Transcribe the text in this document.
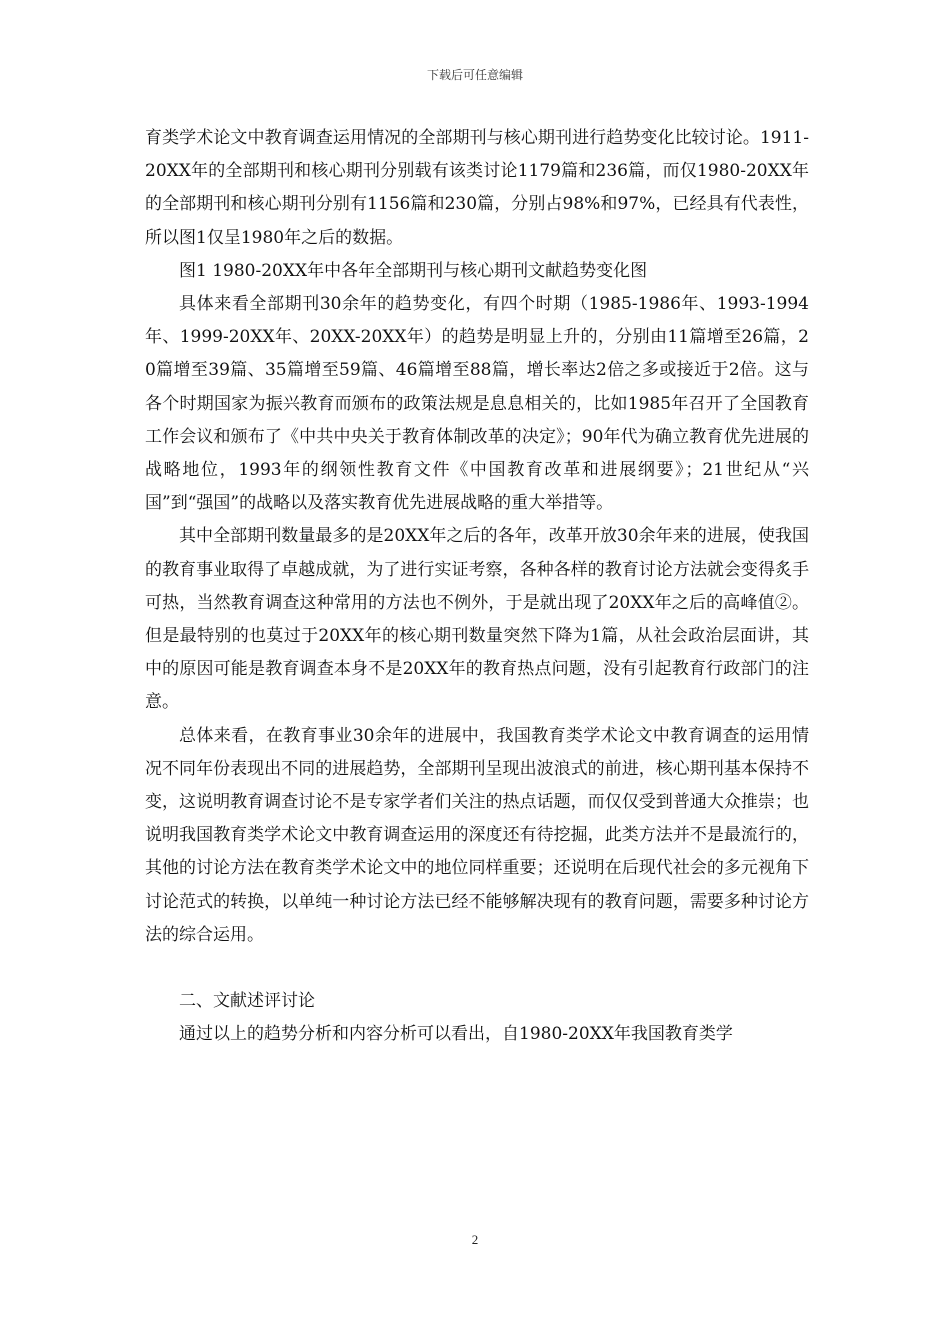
下载后可任意编辑

育类学术论文中教育调查运用情况的全部期刊与核心期刊进行趋势变化比较讨论。1911-20XX年的全部期刊和核心期刊分别载有该类讨论1179篇和236篇，而仅1980-20XX年的全部期刊和核心期刊分别有1156篇和230篇，分别占98%和97%，已经具有代表性，所以图1仅呈1980年之后的数据。

图1 1980-20XX年中各年全部期刊与核心期刊文献趋势变化图

具体来看全部期刊30余年的趋势变化，有四个时期（1985-1986年、1993-1994年、1999-20XX年、20XX-20XX年）的趋势是明显上升的，分别由11篇增至26篇，20篇增至39篇、35篇增至59篇、46篇增至88篇，增长率达2倍之多或接近于2倍。这与各个时期国家为振兴教育而颁布的政策法规是息息相关的，比如1985年召开了全国教育工作会议和颁布了《中共中央关于教育体制改革的决定》；90年代为确立教育优先进展的战略地位，1993年的纲领性教育文件《中国教育改革和进展纲要》；21世纪从“兴国”到“强国”的战略以及落实教育优先进展战略的重大举措等。

其中全部期刊数量最多的是20XX年之后的各年，改革开放30余年来的进展，使我国的教育事业取得了卓越成就，为了进行实证考察，各种各样的教育讨论方法就会变得炙手可热，当然教育调查这种常用的方法也不例外，于是就出现了20XX年之后的高峰值②。但是最特别的也莫过于20XX年的核心期刊数量突然下降为1篇，从社会政治层面讲，其中的原因可能是教育调查本身不是20XX年的教育热点问题，没有引起教育行政部门的注意。

总体来看，在教育事业30余年的进展中，我国教育类学术论文中教育调查的运用情况不同年份表现出不同的进展趋势，全部期刊呈现出波浪式的前进，核心期刊基本保持不变，这说明教育调查讨论不是专家学者们关注的热点话题，而仅仅受到普通大众推崇；也说明我国教育类学术论文中教育调查运用的深度还有待挖掘，此类方法并不是最流行的，其他的讨论方法在教育类学术论文中的地位同样重要；还说明在后现代社会的多元视角下讨论范式的转换，以单纯一种讨论方法已经不能够解决现有的教育问题，需要多种讨论方法的综合运用。

二、文献述评讨论

通过以上的趋势分析和内容分析可以看出，自1980-20XX年我国教育类学

2
